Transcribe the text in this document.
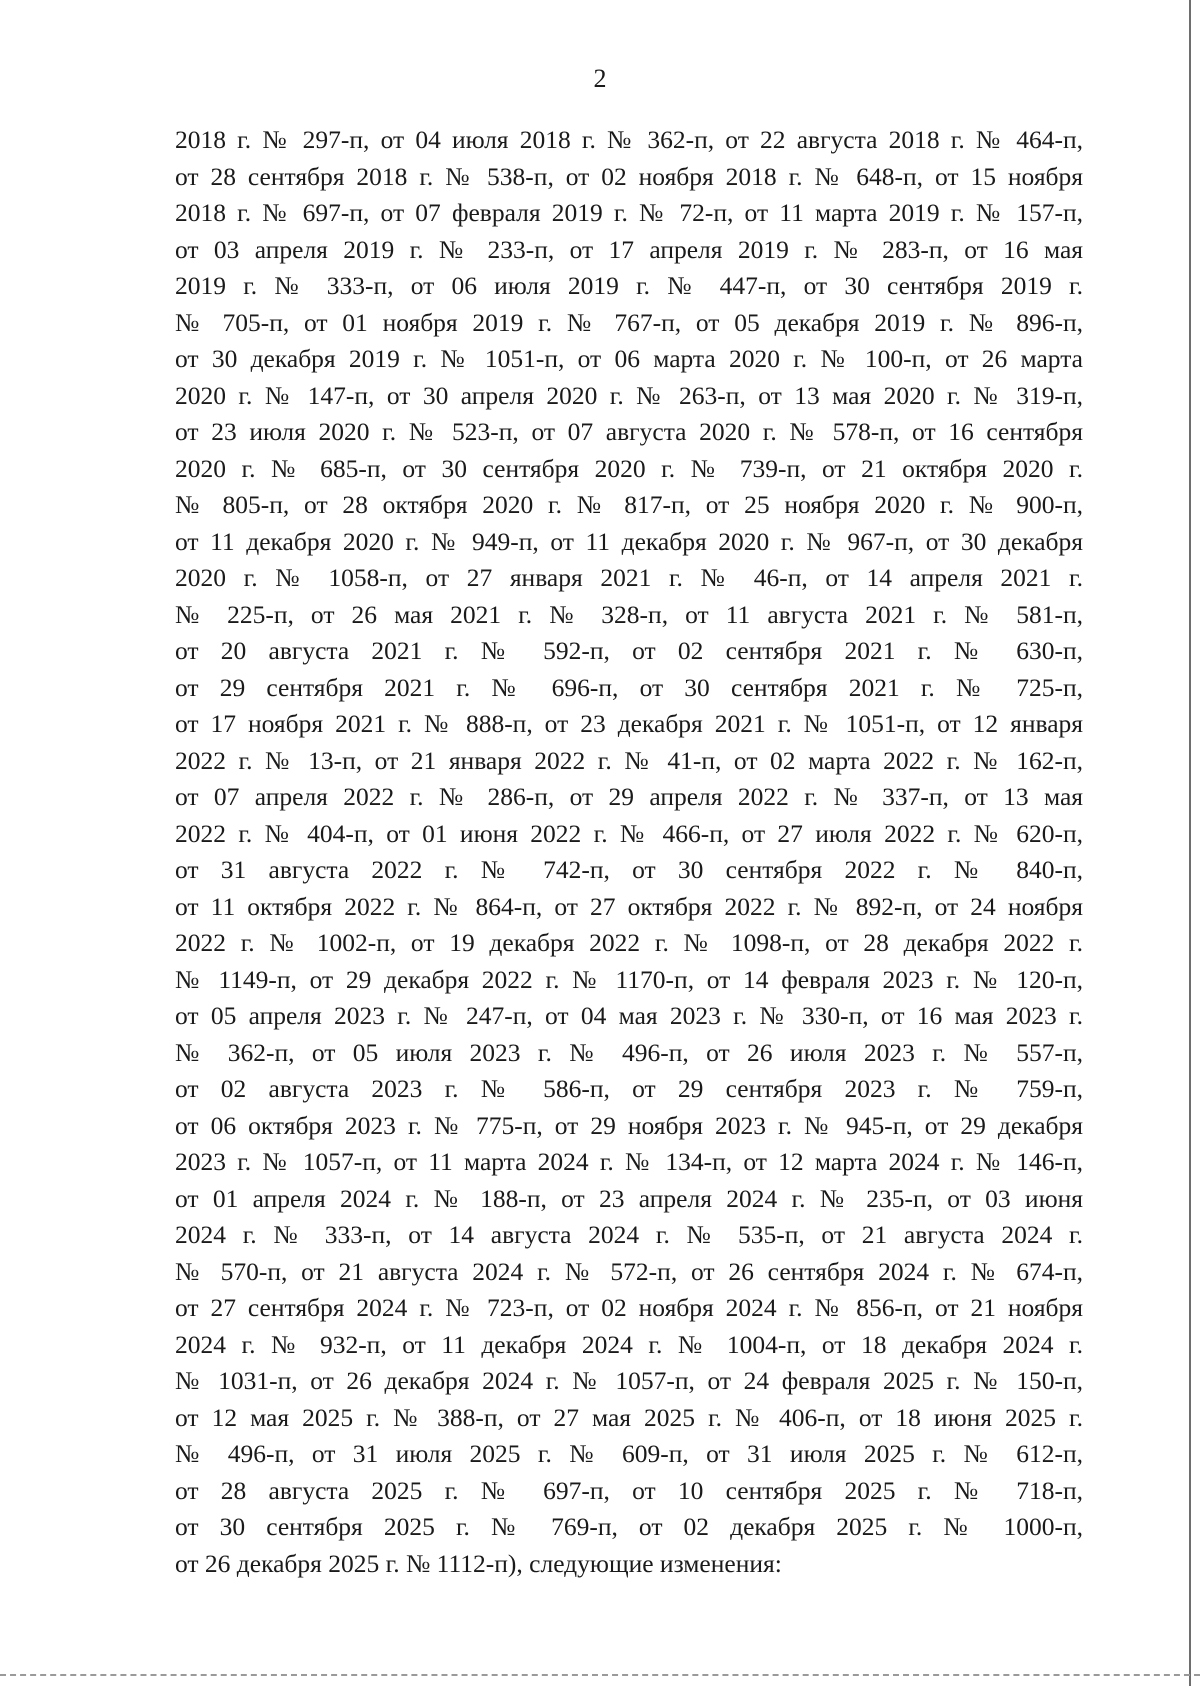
2
2018 г. № 297-п, от 04 июля 2018 г. № 362-п, от 22 августа 2018 г. № 464-п,
от 28 сентября 2018 г. № 538-п, от 02 ноября 2018 г. № 648-п, от 15 ноября
2018 г. № 697-п, от 07 февраля 2019 г. № 72-п, от 11 марта 2019 г. № 157-п,
от 03 апреля 2019 г. № 233-п, от 17 апреля 2019 г. № 283-п, от 16 мая
2019 г. № 333-п, от 06 июля 2019 г. № 447-п, от 30 сентября 2019 г.
№ 705-п, от 01 ноября 2019 г. № 767-п, от 05 декабря 2019 г. № 896-п,
от 30 декабря 2019 г. № 1051-п, от 06 марта 2020 г. № 100-п, от 26 марта
2020 г. № 147-п, от 30 апреля 2020 г. № 263-п, от 13 мая 2020 г. № 319-п,
от 23 июля 2020 г. № 523-п, от 07 августа 2020 г. № 578-п, от 16 сентября
2020 г. № 685-п, от 30 сентября 2020 г. № 739-п, от 21 октября 2020 г.
№ 805-п, от 28 октября 2020 г. № 817-п, от 25 ноября 2020 г. № 900-п,
от 11 декабря 2020 г. № 949-п, от 11 декабря 2020 г. № 967-п, от 30 декабря
2020 г. № 1058-п, от 27 января 2021 г. № 46-п, от 14 апреля 2021 г.
№ 225-п, от 26 мая 2021 г. № 328-п, от 11 августа 2021 г. № 581-п,
от 20 августа 2021 г. № 592-п, от 02 сентября 2021 г. № 630-п,
от 29 сентября 2021 г. № 696-п, от 30 сентября 2021 г. № 725-п,
от 17 ноября 2021 г. № 888-п, от 23 декабря 2021 г. № 1051-п, от 12 января
2022 г. № 13-п, от 21 января 2022 г. № 41-п, от 02 марта 2022 г. № 162-п,
от 07 апреля 2022 г. № 286-п, от 29 апреля 2022 г. № 337-п, от 13 мая
2022 г. № 404-п, от 01 июня 2022 г. № 466-п, от 27 июля 2022 г. № 620-п,
от 31 августа 2022 г. № 742-п, от 30 сентября 2022 г. № 840-п,
от 11 октября 2022 г. № 864-п, от 27 октября 2022 г. № 892-п, от 24 ноября
2022 г. № 1002-п, от 19 декабря 2022 г. № 1098-п, от 28 декабря 2022 г.
№ 1149-п, от 29 декабря 2022 г. № 1170-п, от 14 февраля 2023 г. № 120-п,
от 05 апреля 2023 г. № 247-п, от 04 мая 2023 г. № 330-п, от 16 мая 2023 г.
№ 362-п, от 05 июля 2023 г. № 496-п, от 26 июля 2023 г. № 557-п,
от 02 августа 2023 г. № 586-п, от 29 сентября 2023 г. № 759-п,
от 06 октября 2023 г. № 775-п, от 29 ноября 2023 г. № 945-п, от 29 декабря
2023 г. № 1057-п, от 11 марта 2024 г. № 134-п, от 12 марта 2024 г. № 146-п,
от 01 апреля 2024 г. № 188-п, от 23 апреля 2024 г. № 235-п, от 03 июня
2024 г. № 333-п, от 14 августа 2024 г. № 535-п, от 21 августа 2024 г.
№ 570-п, от 21 августа 2024 г. № 572-п, от 26 сентября 2024 г. № 674-п,
от 27 сентября 2024 г. № 723-п, от 02 ноября 2024 г. № 856-п, от 21 ноября
2024 г. № 932-п, от 11 декабря 2024 г. № 1004-п, от 18 декабря 2024 г.
№ 1031-п, от 26 декабря 2024 г. № 1057-п, от 24 февраля 2025 г. № 150-п,
от 12 мая 2025 г. № 388-п, от 27 мая 2025 г. № 406-п, от 18 июня 2025 г.
№ 496-п, от 31 июля 2025 г. № 609-п, от 31 июля 2025 г. № 612-п,
от 28 августа 2025 г. № 697-п, от 10 сентября 2025 г. № 718-п,
от 30 сентября 2025 г. № 769-п, от 02 декабря 2025 г. № 1000-п,
от 26 декабря 2025 г. № 1112-п), следующие изменения:
